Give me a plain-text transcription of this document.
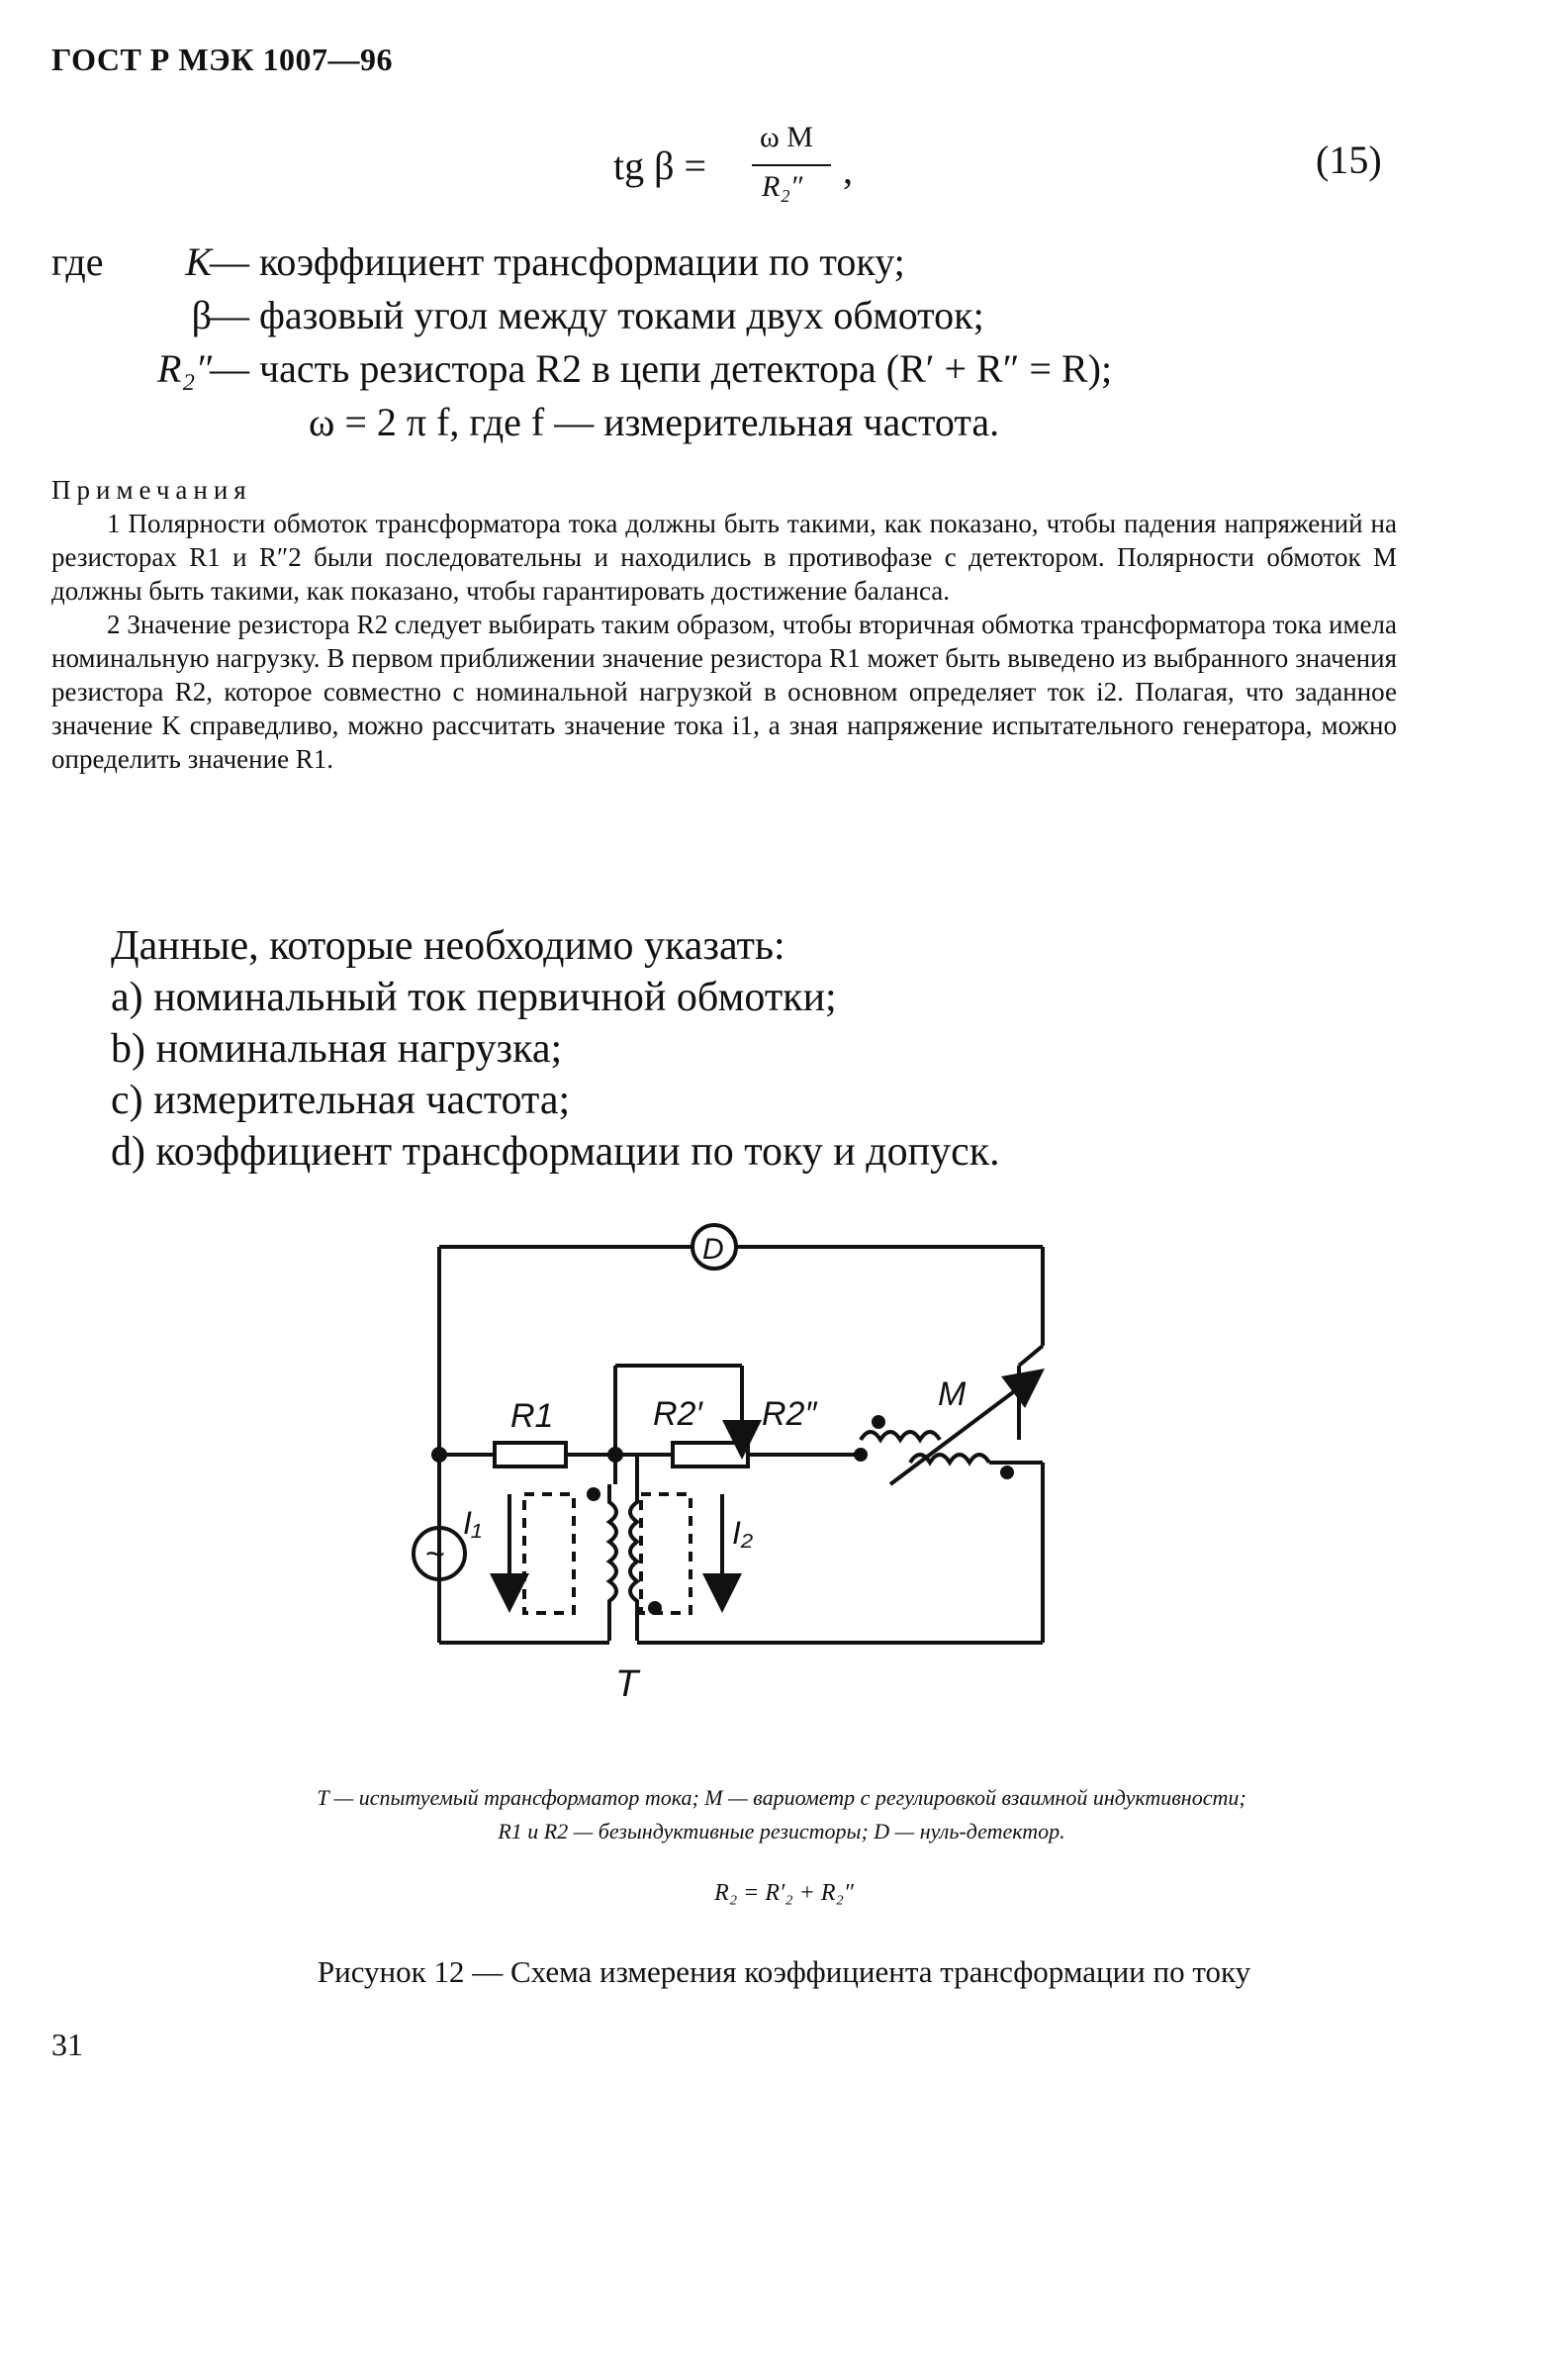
ГОСТ Р МЭК 1007—96
tg β =
ω M
R₂″ ,	(15)
где	K
— коэффициент трансформации по току;
β
— фазовый угол между токами двух обмоток;
R₂″
— часть резистора R2 в цепи детектора (R′ + R″ = R);
ω = 2 π f, где f — измерительная частота.
Примечания

1 Полярности обмоток трансформатора тока должны быть такими, как показано, чтобы падения напряжений на резисторах R1 и R″2 были последовательны и находились в противофазе с детектором. Полярности обмоток M должны быть такими, как показано, чтобы гарантировать достижение баланса.

2 Значение резистора R2 следует выбирать таким образом, чтобы вторичная обмотка трансформатора тока имела номинальную нагрузку. В первом приближении значение резистора R1 может быть выведено из выбранного значения резистора R2, которое совместно с номинальной нагрузкой в основном определяет ток i2. Полагая, что заданное значение K справедливо, можно рассчитать значение тока i1, а зная напряжение испытательного генератора, можно определить значение R1.

Данные, которые необходимо указать:
a) номинальный ток первичной обмотки;
b) номинальная нагрузка;
c) измерительная частота;
d) коэффициент трансформации по току и допуск.
D
R1	R2′ R2″
M
~
I₁	I₂
T
T — испытуемый трансформатор тока; M — вариометр с регулировкой взаимной индуктивности;
R1 и R2 — безындуктивные резисторы; D — нуль-детектор.
R₂ = R′₂ + R₂″
Рисунок 12 — Схема измерения коэффициента трансформации по току
31
